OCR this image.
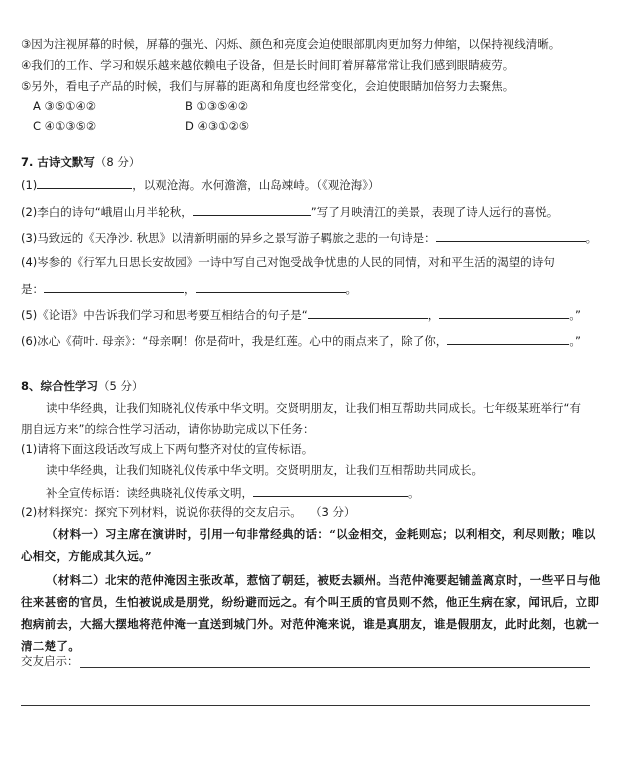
③因为注视屏幕的时候，屏幕的强光、闪烁、颜色和亮度会迫使眼部肌肉更加努力伸缩，以保持视线清晰。
④我们的工作、学习和娱乐越来越依赖电子设备，但是长时间盯着屏幕常常让我们感到眼睛疲劳。
⑤另外，看电子产品的时候，我们与屏幕的距离和角度也经常变化，会迫使眼睛加倍努力去聚焦。
A ③⑤①④②	B ①③⑤④②
C ④①③⑤②	D ④③①②⑤
7. 古诗文默写（8 分）
(1)	，以观沧海。水何澹澹，山岛竦峙。（《观沧海》）
(2)李白的诗句“峨眉山月半轮秋，	”写了月映清江的美景，表现了诗人远行的喜悦。
(3)马致远的《天净沙. 秋思》以清新明丽的异乡之景写游子羁旅之悲的一句诗是：	。
(4)岑参的《行军九日思长安故园》一诗中写自己对饱受战争忧患的人民的同情，对和平生活的渴望的诗句
是：	，	。
(5)《论语》中告诉我们学习和思考要互相结合的句子是“	，	。”
(6)冰心《荷叶. 母亲》：“母亲啊！你是荷叶，我是红莲。心中的雨点来了，除了你，	。”
8、综合性学习（5 分）
读中华经典，让我们知晓礼仪传承中华文明。交贤明朋友，让我们相互帮助共同成长。七年级某班举行“有
朋自远方来”的综合性学习活动，请你协助完成以下任务：
(1)请将下面这段话改写成上下两句整齐对仗的宣传标语。
读中华经典，让我们知晓礼仪传承中华文明。交贤明朋友，让我们互相帮助共同成长。
补全宣传标语：读经典晓礼仪传承文明，	。
(2)材料探究：探究下列材料，说说你获得的交友启示。 （3 分）
（材料一）习主席在演讲时，引用一句非常经典的话：“以金相交，金耗则忘；以利相交，利尽则散；唯以
心相交，方能成其久远。”
（材料二）北宋的范仲淹因主张改革，惹恼了朝廷，被贬去颍州。当范仲淹要起铺盖离京时，一些平日与他
往来甚密的官员，生怕被说成是朋党，纷纷避而远之。有个叫王质的官员则不然，他正生病在家，闻讯后，立即
抱病前去，大摇大摆地将范仲淹一直送到城门外。对范仲淹来说，谁是真朋友，谁是假朋友，此时此刻，也就一
清二楚了。
交友启示：
